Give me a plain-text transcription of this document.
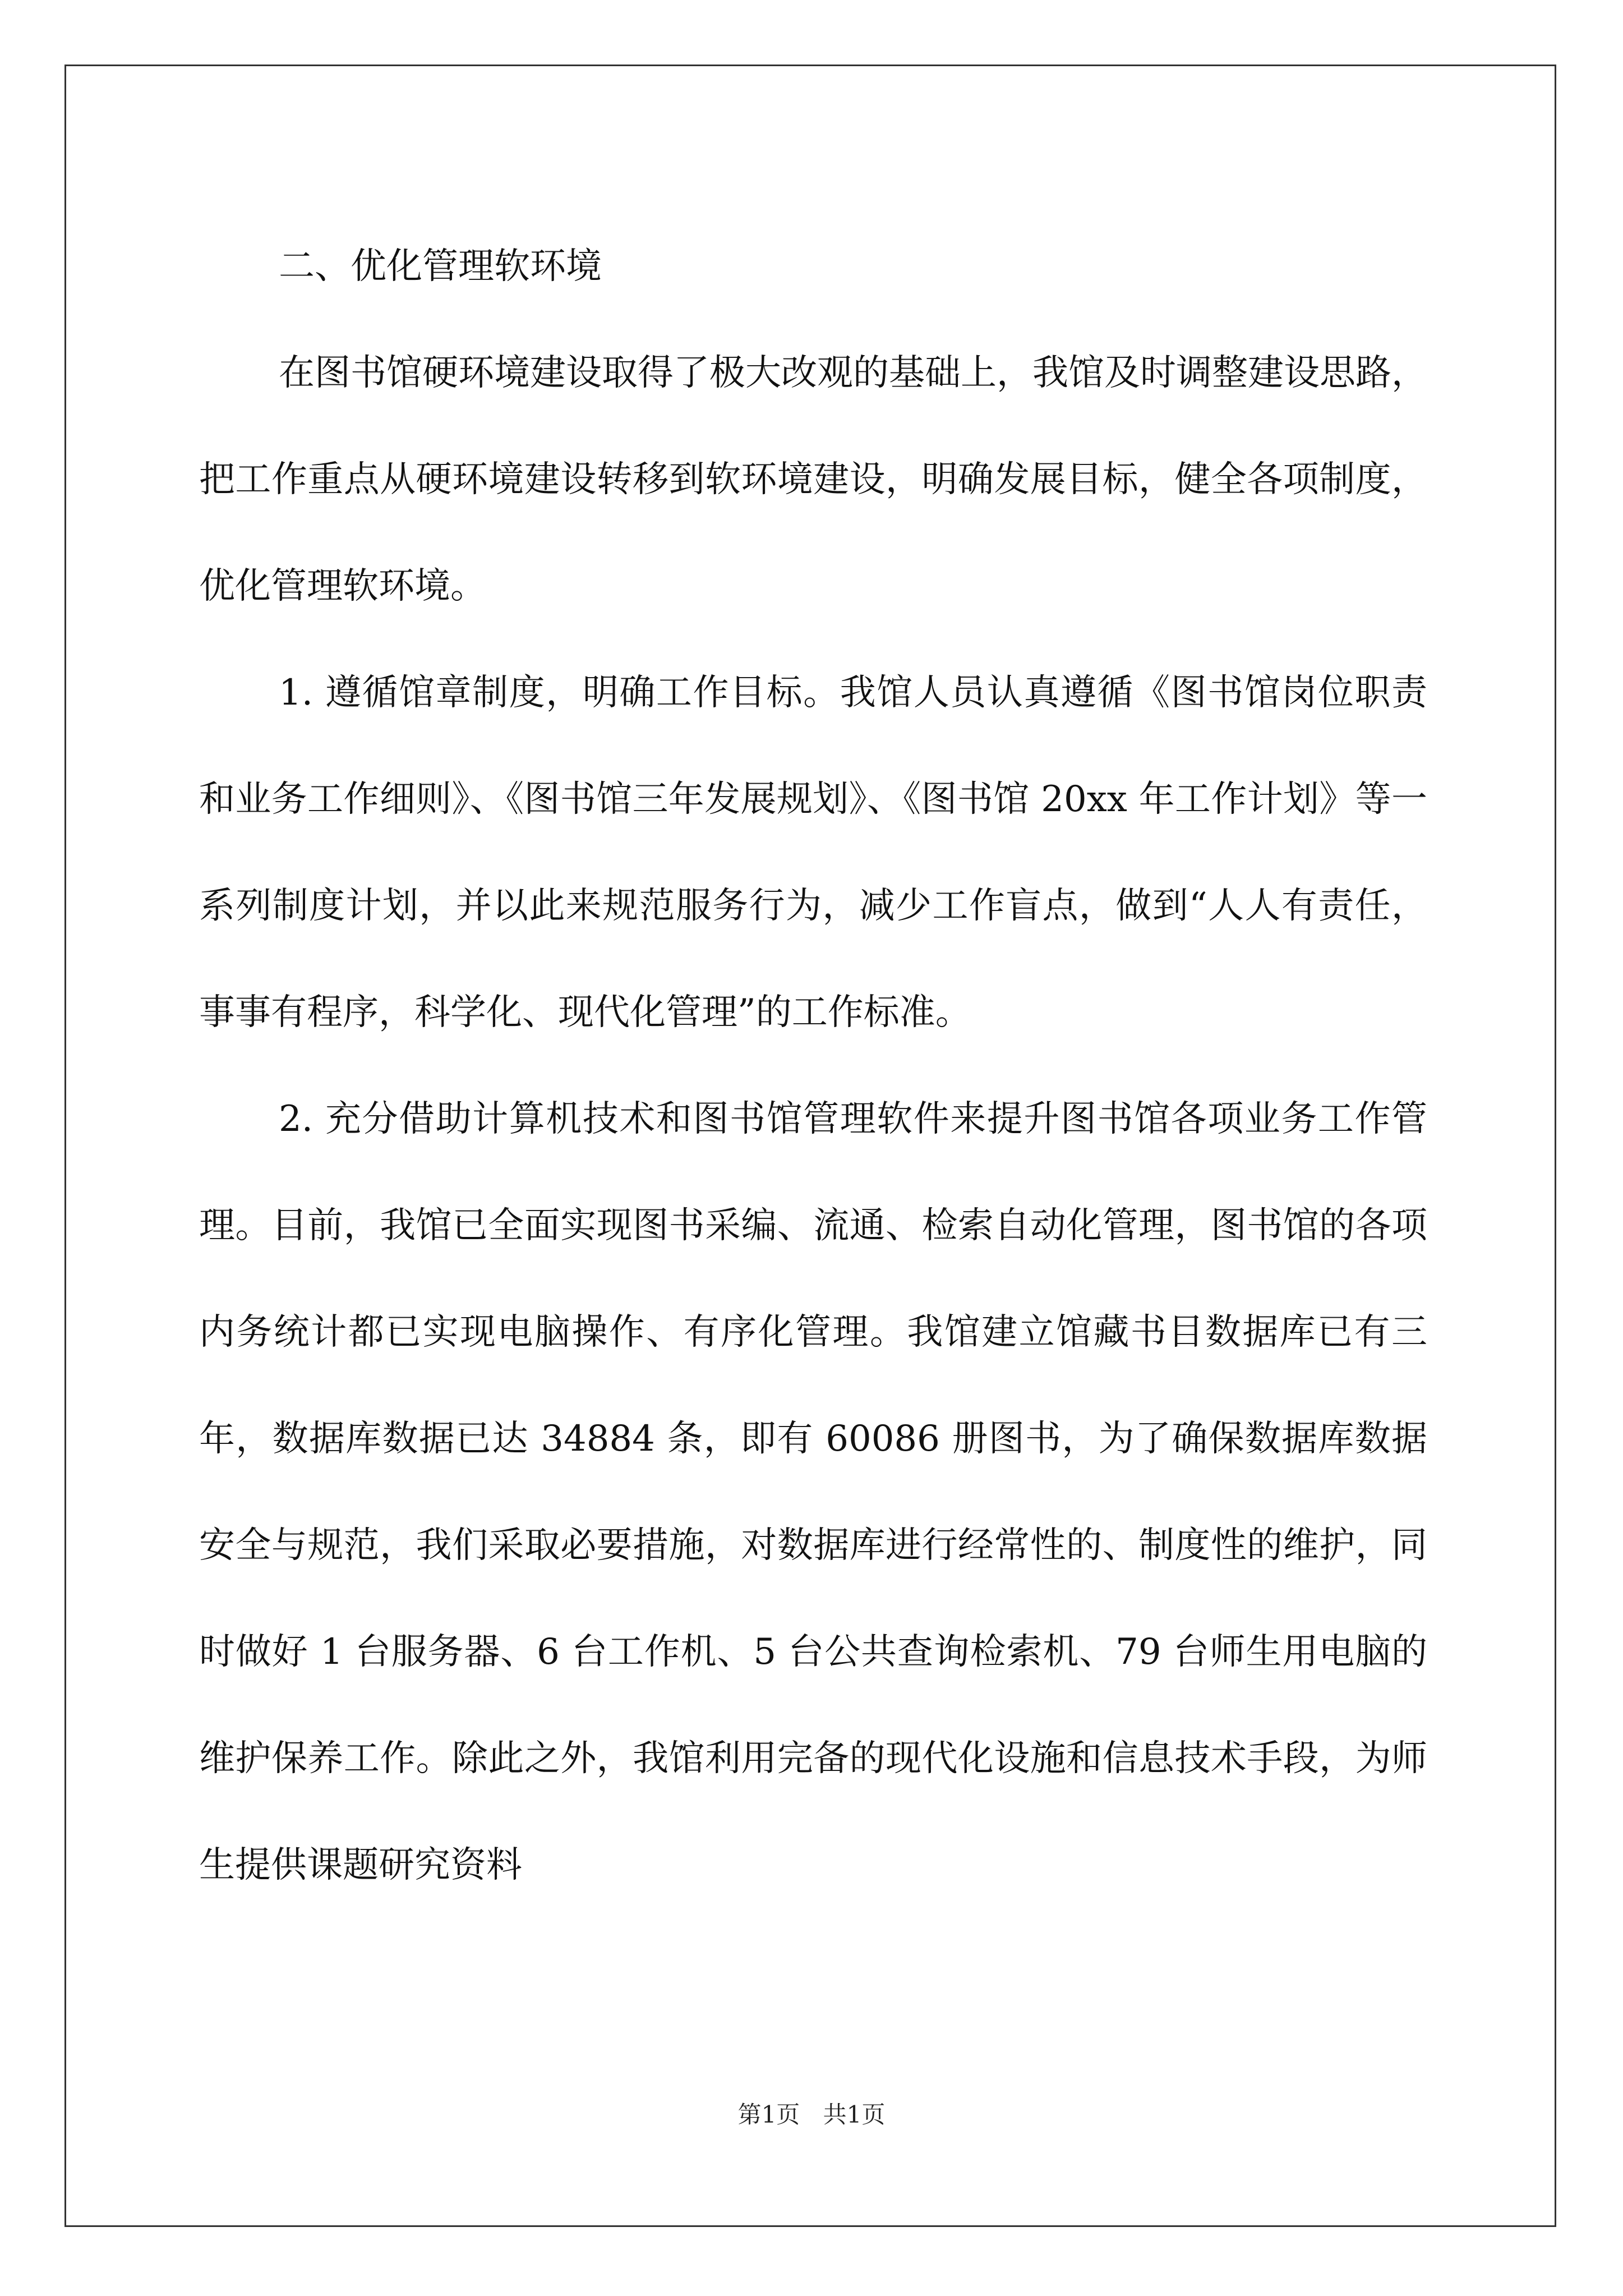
二、优化管理软环境

在图书馆硬环境建设取得了极大改观的基础上，我馆及时调整建设思路，把工作重点从硬环境建设转移到软环境建设，明确发展目标，健全各项制度，优化管理软环境。

1. 遵循馆章制度，明确工作目标。我馆人员认真遵循《图书馆岗位职责和业务工作细则》、《图书馆三年发展规划》、《图书馆 20xx 年工作计划》等一系列制度计划，并以此来规范服务行为，减少工作盲点，做到“人人有责任，事事有程序，科学化、现代化管理”的工作标准。

2. 充分借助计算机技术和图书馆管理软件来提升图书馆各项业务工作管理。目前，我馆已全面实现图书采编、流通、检索自动化管理，图书馆的各项内务统计都已实现电脑操作、有序化管理。我馆建立馆藏书目数据库已有三年，数据库数据已达 34884 条，即有 60086 册图书，为了确保数据库数据安全与规范，我们采取必要措施，对数据库进行经常性的、制度性的维护，同时做好 1 台服务器、6 台工作机、5 台公共查询检索机、79 台师生用电脑的维护保养工作。除此之外，我馆利用完备的现代化设施和信息技术手段，为师生提供课题研究资料

第1页 共1页
